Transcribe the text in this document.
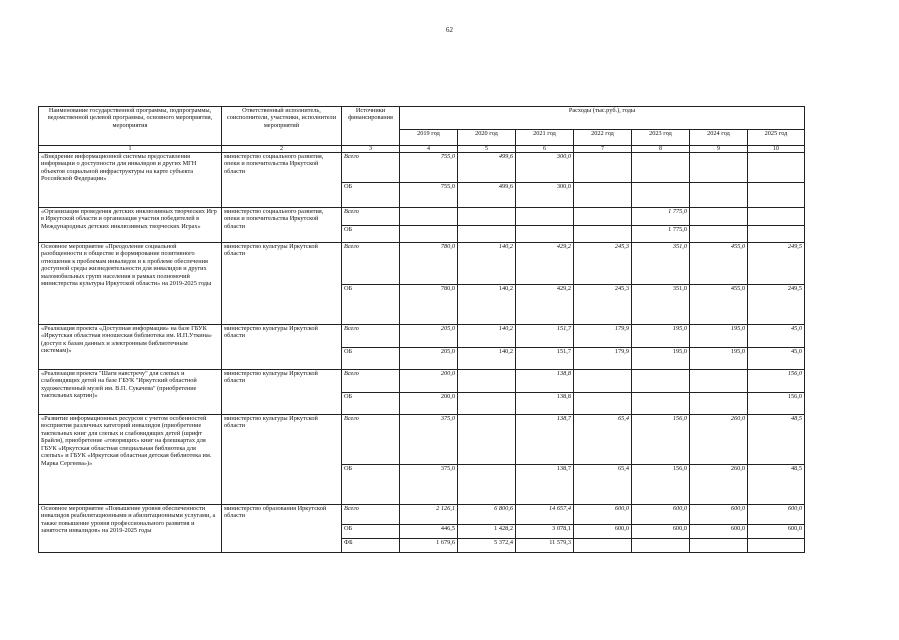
62
Наименование государственной программы, подпрограммы, ведомственной целевой программы, основного мероприятия, мероприятия	Ответственный исполнитель, соисполнители, участники, исполнители мероприятий	Источники финансирования	Расходы (тыс.руб.), годы						
			2019 год	2020 год	2021 год	2022 год	2023 год	2024 год	2025 год
1	2	3	4	5	6	7	8	9	10
«Внедрение информационной системы предоставления информации о доступности для инвалидов и других МГН объектов социальной инфраструктуры на карте субъекта Российской Федерации»	министерство социального развития, опеки и попечительства Иркутской области	Всего	755,0	499,6	300,0				
		ОБ	755,0	499,6	300,0				
«Организация проведения детских инклюзивных творческих Игр в Иркутской области и организация участия победителей в Международных детских инклюзивных творческих Играх»	министерство социального развития, опеки и попечительства Иркутской области	Всего					1 775,0		
		ОБ					1 775,0		
Основное мероприятие «Преодоление социальной разобщенности в обществе и формирование позитивного отношения к проблемам инвалидов и к проблеме обеспечения доступной среды жизнедеятельности для инвалидов и других маломобильных групп населения в рамках полномочий министерства культуры Иркутской области» на 2019-2025 годы	министерство культуры Иркутской области	Всего	780,0	140,2	429,2	245,3	351,0	455,0	249,5
		ОБ	780,0	140,2	429,2	245,3	351,0	455,0	249,5
«Реализация проекта «Доступная информация» на базе ГБУК «Иркутская областная юношеская библиотека им. И.П.Уткина» (доступ к базам данных и электронным библиотечным системам)»	министерство культуры Иркутской области	Всего	205,0	140,2	151,7	179,9	195,0	195,0	45,0
		ОБ	205,0	140,2	151,7	179,9	195,0	195,0	45,0
«Реализация проекта "Шаги навстречу" для слепых и слабовидящих детей на базе ГБУК "Иркутский областной художественный музей им. В.П. Сукачева" (приобретение тактильных картин)»	министерство культуры Иркутской области	Всего	200,0		138,8				156,0
		ОБ	200,0		138,8				156,0
«Развитие информационных ресурсов с учетом особенностей восприятия различных категорий инвалидов (приобретение тактильных книг для слепых и слабовидящих детей (шрифт Брайля), приобретение «говорящих» книг на флешкартах для ГБУК «Иркутская областная специальная библиотека для слепых» и ГБУК «Иркутская областная детская библиотека им. Марка Сергеева»)»	министерство культуры Иркутской области	Всего	375,0		138,7	65,4	156,0	260,0	48,5
		ОБ	375,0		138,7	65,4	156,0	260,0	48,5
Основное мероприятие «Повышение уровня обеспеченности инвалидов реабилитационными и абилитационными услугами, а также повышение уровня профессионального развития и занятости инвалидов» на 2019-2025 годы	министерство образования Иркутской области	Всего	2 126,1	6 800,6	14 657,4	600,0	600,0	600,0	600,0
		ОБ	446,5	1 428,2	3 078,1	600,0	600,0	600,0	600,0
		ФБ	1 679,6	5 372,4	11 579,3				
